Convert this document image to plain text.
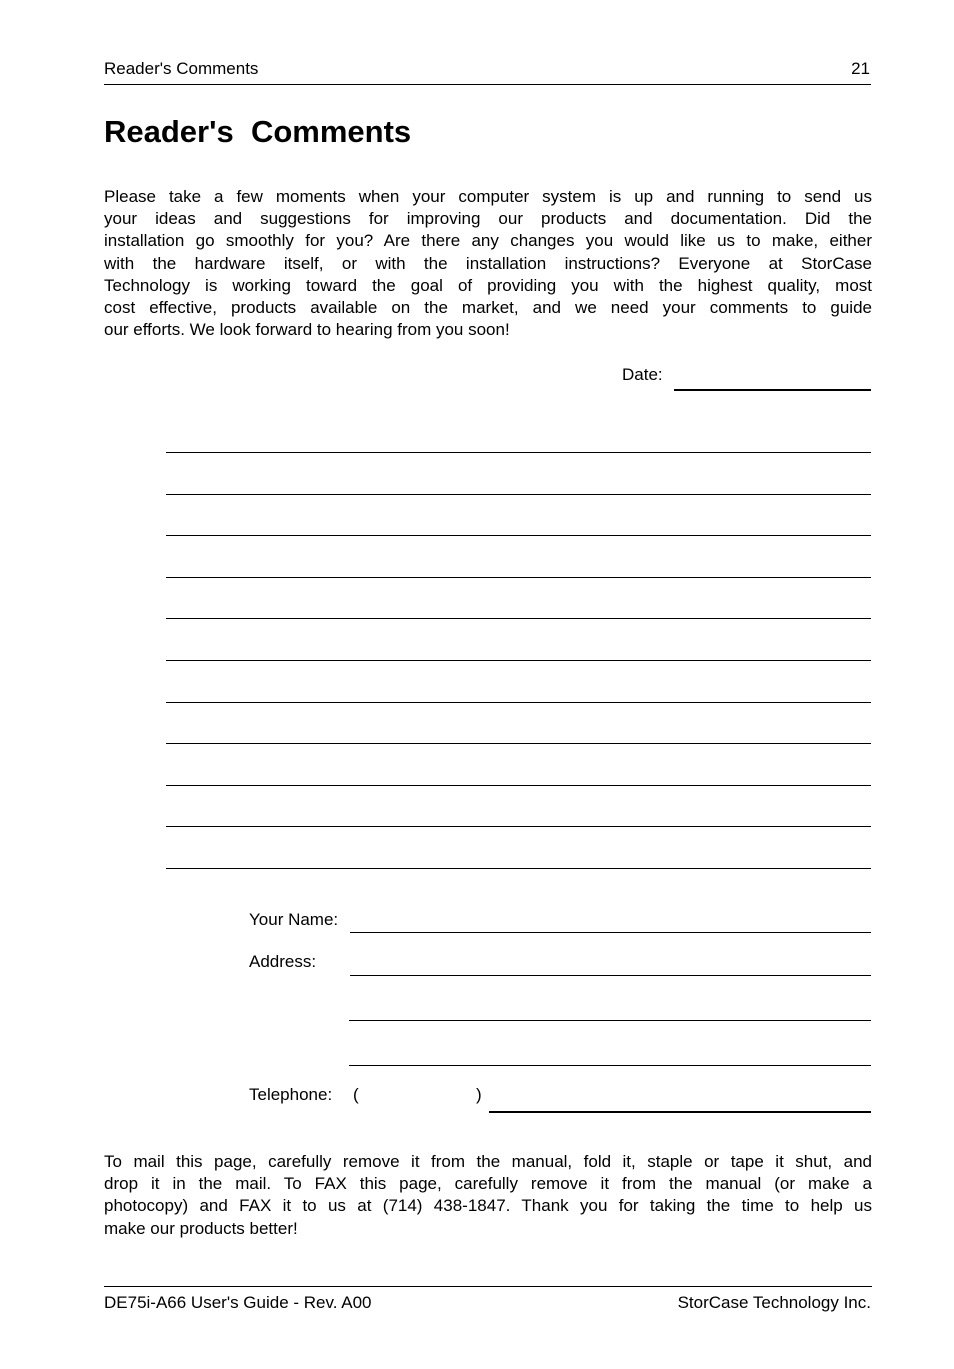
Reader's Comments	21
Reader's  Comments

Please take a few moments when your computer system is up and running to send us
your ideas and suggestions for improving our products and documentation. Did the
installation go smoothly for you? Are there any changes you would like us to make, either
with the hardware itself, or with the installation instructions? Everyone at StorCase
Technology is working toward the goal of providing you with the highest quality, most
cost effective, products available on the market, and we need your comments to guide
our efforts. We look forward to hearing from you soon!

Date:
Your Name:
Address:
Telephone: (	)

To mail this page, carefully remove it from the manual, fold it, staple or tape it shut, and
drop it in the mail. To FAX this page, carefully remove it from the manual (or make a
photocopy) and FAX it to us at (714) 438-1847. Thank you for taking the time to help us
make our products better!

DE75i-A66 User's Guide - Rev. A00	StorCase Technology Inc.
